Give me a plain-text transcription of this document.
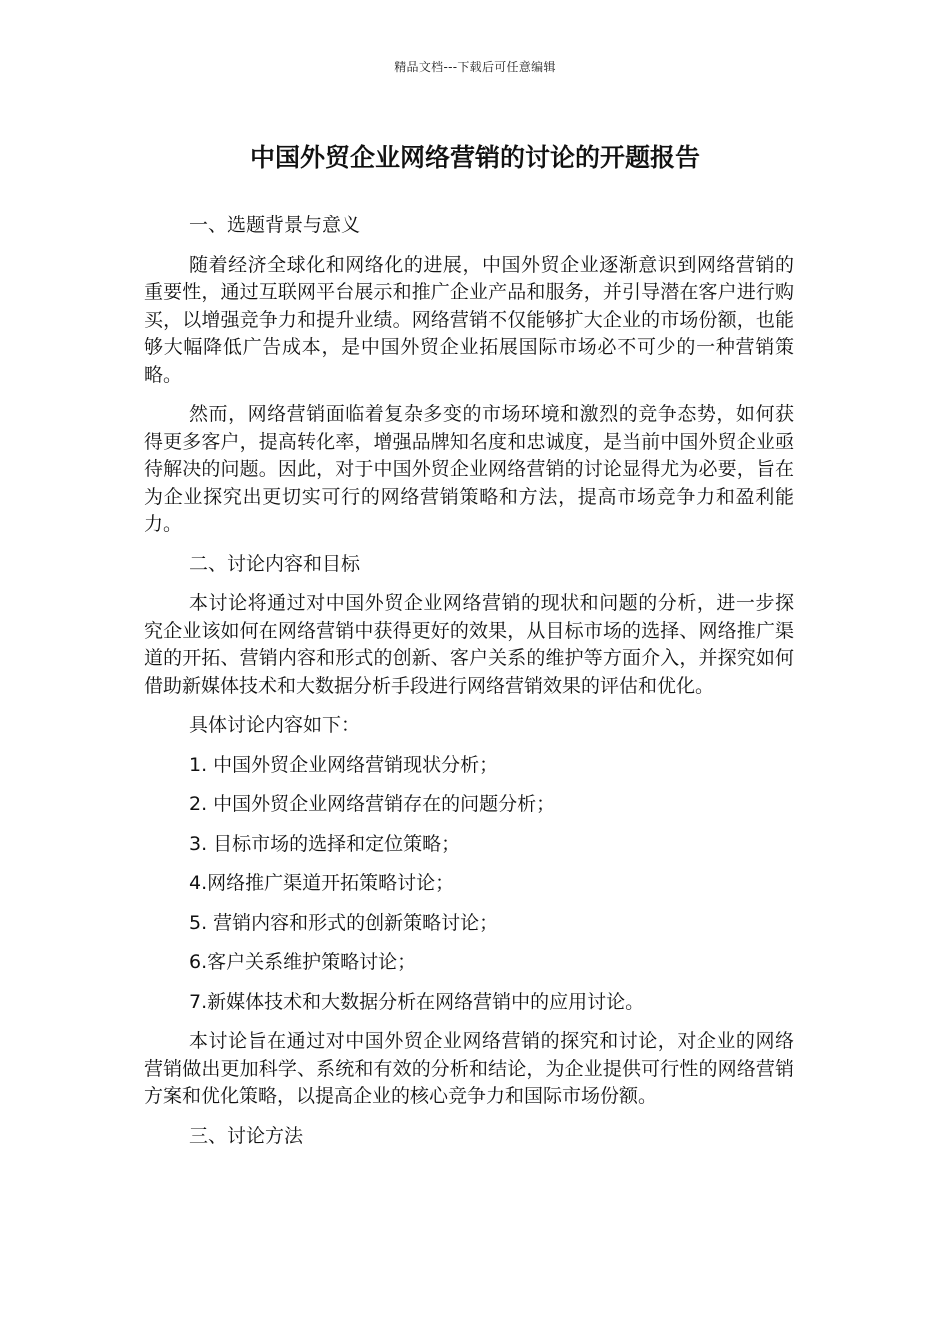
精品文档---下载后可任意编辑
中国外贸企业网络营销的讨论的开题报告

一、选题背景与意义

随着经济全球化和网络化的进展，中国外贸企业逐渐意识到网络营销的重要性，通过互联网平台展示和推广企业产品和服务，并引导潜在客户进行购买，以增强竞争力和提升业绩。网络营销不仅能够扩大企业的市场份额，也能够大幅降低广告成本，是中国外贸企业拓展国际市场必不可少的一种营销策略。

然而，网络营销面临着复杂多变的市场环境和激烈的竞争态势，如何获得更多客户，提高转化率，增强品牌知名度和忠诚度，是当前中国外贸企业亟待解决的问题。因此，对于中国外贸企业网络营销的讨论显得尤为必要，旨在为企业探究出更切实可行的网络营销策略和方法，提高市场竞争力和盈利能力。

二、讨论内容和目标

本讨论将通过对中国外贸企业网络营销的现状和问题的分析，进一步探究企业该如何在网络营销中获得更好的效果，从目标市场的选择、网络推广渠道的开拓、营销内容和形式的创新、客户关系的维护等方面介入，并探究如何借助新媒体技术和大数据分析手段进行网络营销效果的评估和优化。

具体讨论内容如下：

1. 中国外贸企业网络营销现状分析；

2. 中国外贸企业网络营销存在的问题分析；

3. 目标市场的选择和定位策略；

4.网络推广渠道开拓策略讨论；

5. 营销内容和形式的创新策略讨论；

6.客户关系维护策略讨论；

7.新媒体技术和大数据分析在网络营销中的应用讨论。

本讨论旨在通过对中国外贸企业网络营销的探究和讨论，对企业的网络营销做出更加科学、系统和有效的分析和结论，为企业提供可行性的网络营销方案和优化策略，以提高企业的核心竞争力和国际市场份额。

三、讨论方法
